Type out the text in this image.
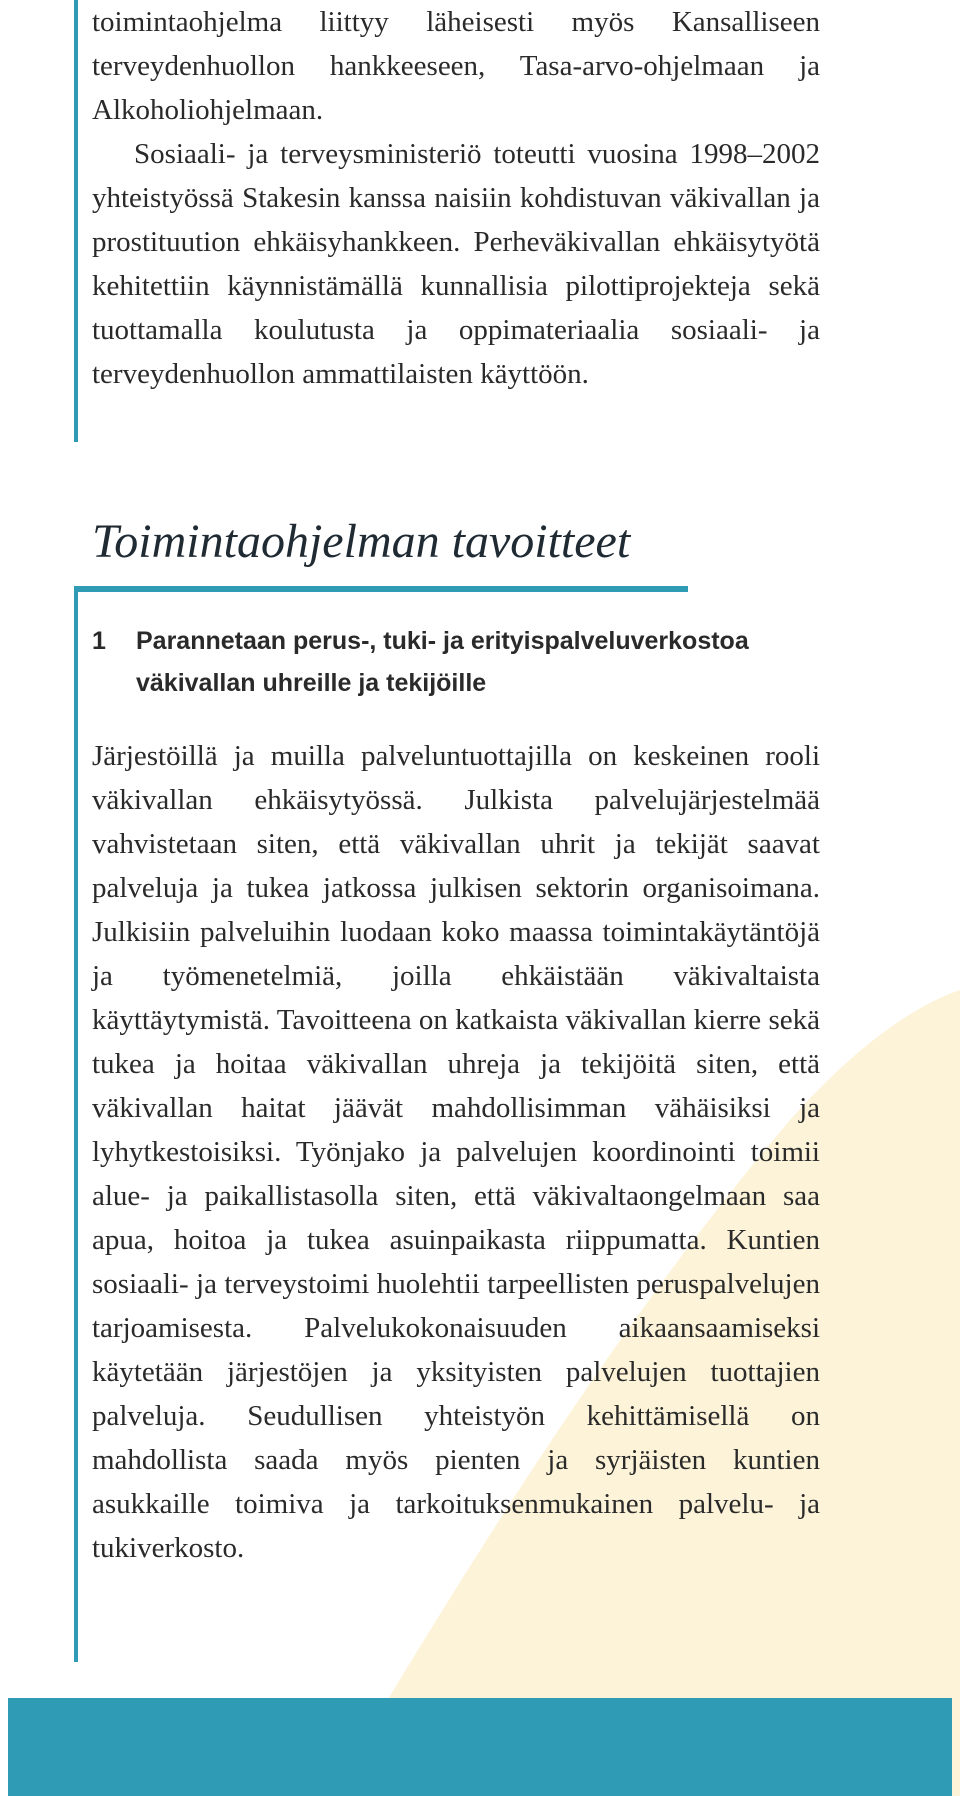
toimintaohjelma liittyy läheisesti myös Kansalliseen terveydenhuollon hankkeeseen, Tasa-arvo-ohjelmaan ja Alkoholiohjelmaan.

Sosiaali- ja terveysministeriö toteutti vuosina 1998–2002 yhteistyössä Stakesin kanssa naisiin kohdistuvan väkivallan ja prostituution ehkäisyhankkeen. Perheväkivallan ehkäisytyötä kehitettiin käynnistämällä kunnallisia pilottiprojekteja sekä tuottamalla koulutusta ja oppimateriaalia sosiaali- ja terveydenhuollon ammattilaisten käyttöön.

Toimintaohjelman tavoitteet
1 Parannetaan perus-, tuki- ja erityispalveluverkostoa väkivallan uhreille ja tekijöille

Järjestöillä ja muilla palveluntuottajilla on keskeinen rooli väkivallan ehkäisytyössä. Julkista palvelujärjestelmää vahvistetaan siten, että väkivallan uhrit ja tekijät saavat palveluja ja tukea jatkossa julkisen sektorin organisoimana. Julkisiin palveluihin luodaan koko maassa toimintakäytäntöjä ja työmenetelmiä, joilla ehkäistään väkivaltaista käyttäytymistä. Tavoitteena on katkaista väkivallan kierre sekä tukea ja hoitaa väkivallan uhreja ja tekijöitä siten, että väkivallan haitat jäävät mahdollisimman vähäisiksi ja lyhytkestoisiksi. Työnjako ja palvelujen koordinointi toimii alue- ja paikallistasolla siten, että väkivaltaongelmaan saa apua, hoitoa ja tukea asuinpaikasta riippumatta. Kuntien sosiaali- ja terveystoimi huolehtii tarpeellisten peruspalvelujen tarjoamisesta. Palvelukokonaisuuden aikaansaamiseksi käytetään järjestöjen ja yksityisten palvelujen tuottajien palveluja. Seudullisen yhteistyön kehittämisellä on mahdollista saada myös pienten ja syrjäisten kuntien asukkaille toimiva ja tarkoituksenmukainen palvelu- ja tukiverkosto.
